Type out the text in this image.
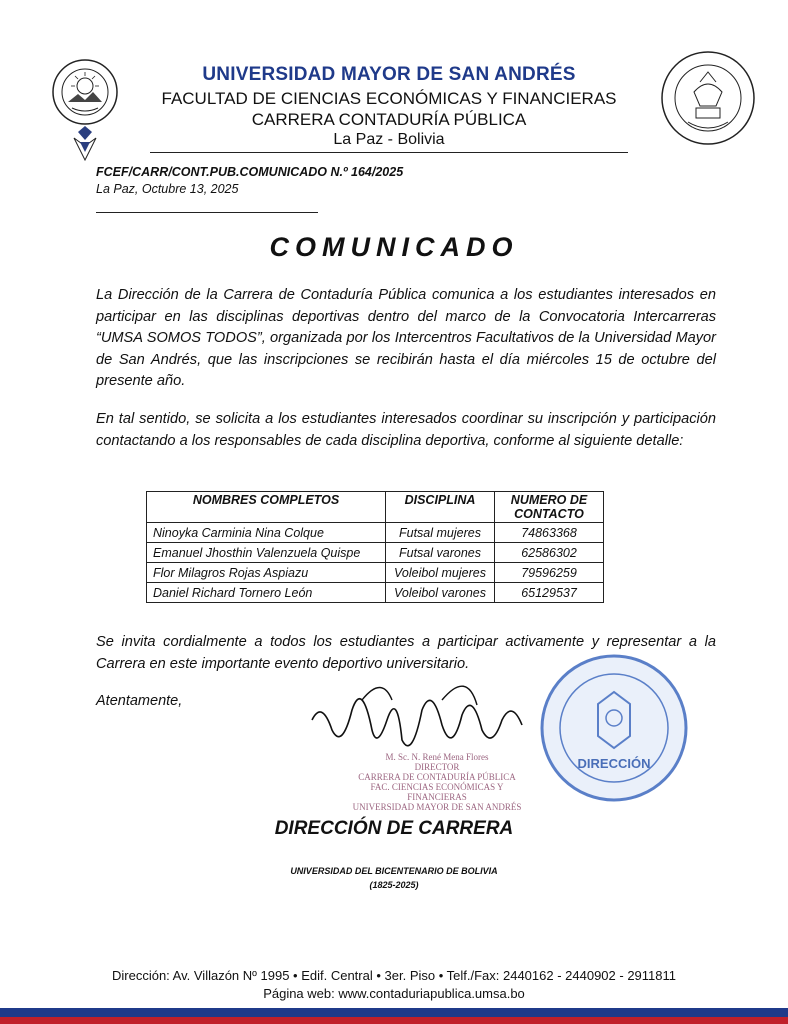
UNIVERSIDAD MAYOR DE SAN ANDRÉS
FACULTAD DE CIENCIAS ECONÓMICAS Y FINANCIERAS
CARRERA CONTADURÍA PÚBLICA
La Paz - Bolivia
FCEF/CARR/CONT.PUB.COMUNICADO N.º 164/2025
La Paz, Octubre 13, 2025
COMUNICADO
La Dirección de la Carrera de Contaduría Pública comunica a los estudiantes interesados en participar en las disciplinas deportivas dentro del marco de la Convocatoria Intercarreras “UMSA SOMOS TODOS”, organizada por los Intercentros Facultativos de la Universidad Mayor de San Andrés, que las inscripciones se recibirán hasta el día miércoles 15 de octubre del presente año.
En tal sentido, se solicita a los estudiantes interesados coordinar su inscripción y participación contactando a los responsables de cada disciplina deportiva, conforme al siguiente detalle:
NOMBRES COMPLETOS	DISCIPLINA	NUMERO DE CONTACTO
Ninoyka Carminia Nina Colque	Futsal mujeres	74863368
Emanuel Jhosthin Valenzuela Quispe	Futsal varones	62586302
Flor Milagros Rojas Aspiazu	Voleibol mujeres	79596259
Daniel Richard Tornero León	Voleibol varones	65129537
Se invita cordialmente a todos los estudiantes a participar activamente y representar a la Carrera en este importante evento deportivo universitario.
Atentamente,
M. Sc. N. René Mena Flores
DIRECTOR
CARRERA DE CONTADURÍA PÚBLICA
FAC. CIENCIAS ECONÓMICAS Y FINANCIERAS
UNIVERSIDAD MAYOR DE SAN ANDRÉS
DIRECCIÓN
DIRECCIÓN DE CARRERA
UNIVERSIDAD DEL BICENTENARIO DE BOLIVIA
(1825-2025)
Dirección: Av. Villazón Nº 1995 • Edif. Central • 3er. Piso • Telf./Fax: 2440162 - 2440902 - 2911811
Página web: www.contaduriapublica.umsa.bo
